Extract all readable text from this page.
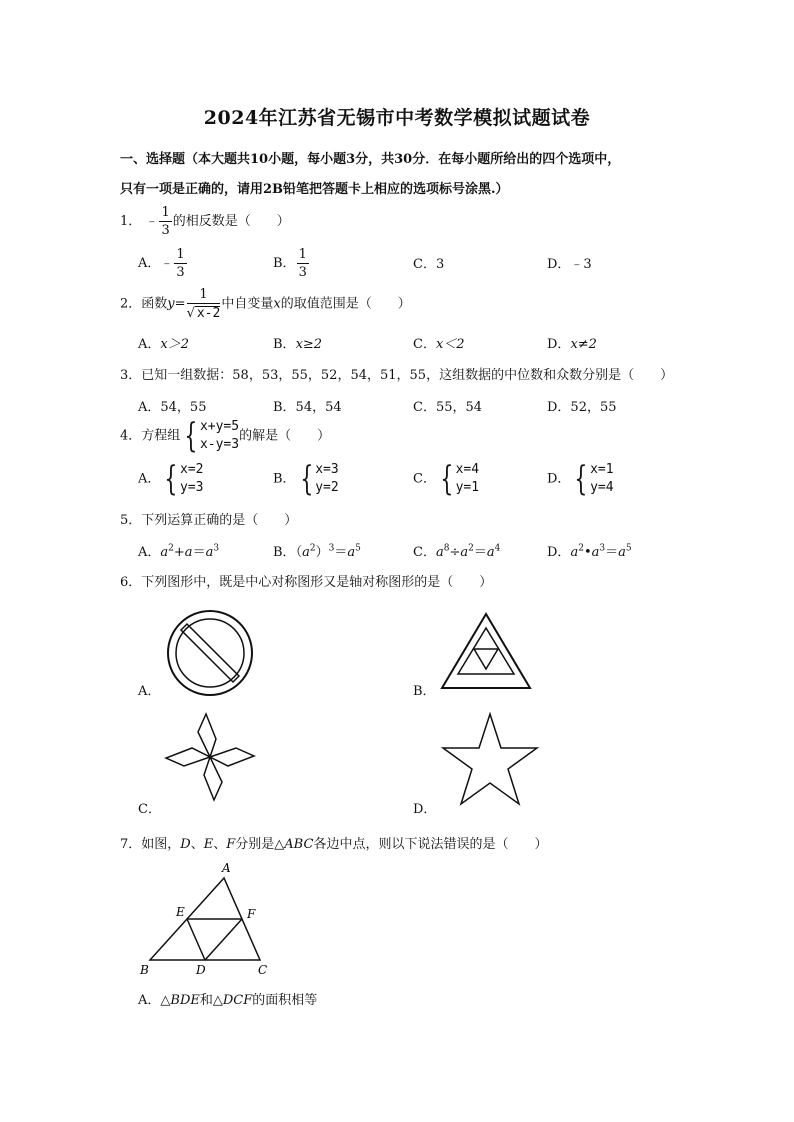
2024年江苏省无锡市中考数学模拟试题试卷
一、选择题（本大题共10小题，每小题3分，共30分．在每小题所给出的四个选项中，
只有一项是正确的，请用2B铅笔把答题卡上相应的选项标号涂黑.）
1． ﹣ $\frac{1}{3}$ 的相反数是（　　）
A．﹣ $\frac{1}{3}$	B． $\frac{1}{3}$	C．3	D．﹣3
2．函数$y= \frac{1}{√ x-2}$ 中自变量x的取值范围是（　　）
A．x＞2	B．x≥2	C．x＜2	D．x≠2
3．已知一组数据：58，53，55，52，54，51，55，这组数据的中位数和众数分别是（　　）
A．54，55	B．54，54	C．55，54	D．52，55
4．方程组 { x+y=5
x-y=3
的解是（　　）
A． { x=2
y=3
B． { x=3
y=2
C． { x=4
y=1
D． { x=1
y=4
5．下列运算正确的是（　　）
A．$a^2+a=a^3$	B．$(a^2)^3=a^5$	C．$a^8\div a^2=a^4$	D．$a^2•a^3=a^5$
6．下列图形中，既是中心对称图形又是轴对称图形的是（　　）
A．	B．
C．	D．
7．如图，D、E、F分别是△ABC各边中点，则以下说法错误的是（　　）
A
B	C
D
E	F
A．△BDE和△DCF的面积相等
